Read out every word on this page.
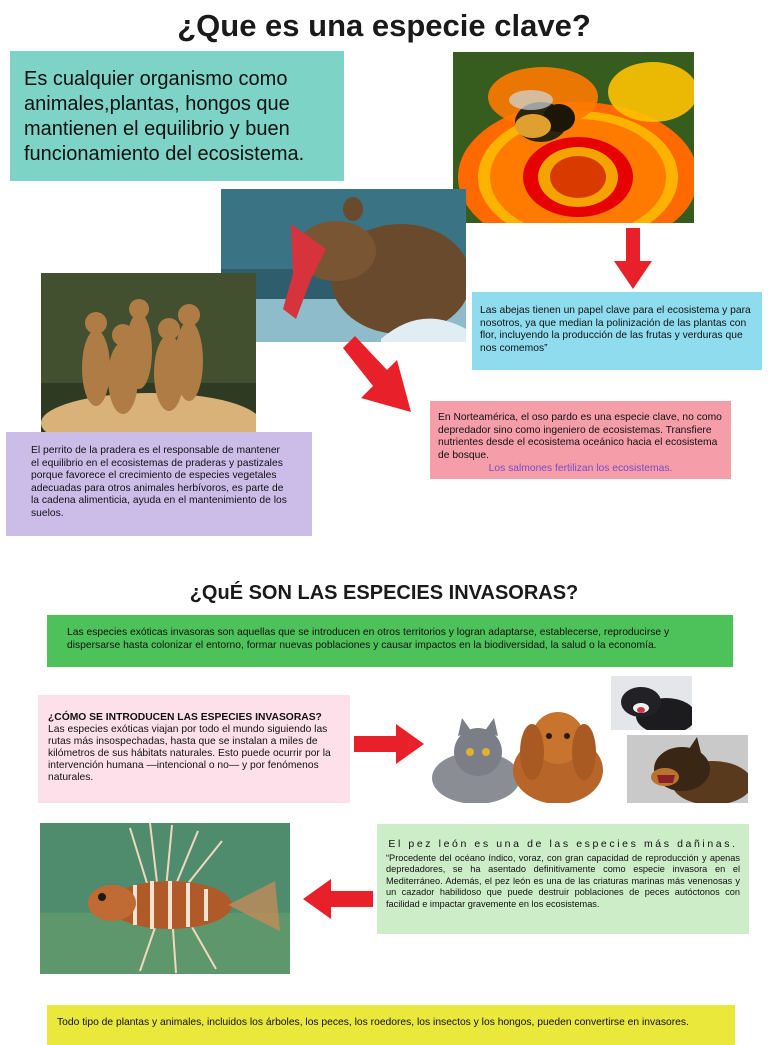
¿Que es una especie clave?
Es cualquier organismo como animales,plantas, hongos que mantienen el equilibrio y buen funcionamiento del ecosistema.
Las abejas tienen un papel clave para el ecosistema y para nosotros, ya que median la polinización de las plantas con flor, incluyendo la producción de las frutas y verduras que nos comemos”
En Norteamérica, el oso pardo es una especie clave, no como depredador sino como ingeniero de ecosistemas. Transfiere nutrientes desde el ecosistema oceánico hacia el ecosistema de bosque.
Los salmones fertilizan los ecosistemas.
El perrito de la pradera es el responsable de mantener el equilibrio en el ecosistemas de praderas y pastizales porque favorece el crecimiento de especies vegetales adecuadas para otros animales herbívoros, es parte de la cadena alimenticia, ayuda en el mantenimiento de los suelos.
¿QuÉ SON LAS ESPECIES INVASORAS?
Las especies exóticas invasoras son aquellas que se introducen en otros territorios y logran adaptarse, establecerse, reproducirse y dispersarse hasta colonizar el entorno, formar nuevas poblaciones y causar impactos en la biodiversidad, la salud o la economía.
¿CÓMO SE INTRODUCEN LAS ESPECIES INVASORAS?
Las especies exóticas viajan por todo el mundo siguiendo las rutas más insospechadas, hasta que se instalan a miles de kilómetros de sus hábitats naturales. Esto puede ocurrir por la intervención humana —intencional o no— y por fenómenos naturales.
El pez león es una de las especies más dañinas.
“Procedente del océano índico, voraz, con gran capacidad de reproducción y apenas depredadores, se ha asentado definitivamente como especie invasora en el Mediterráneo. Además, el pez león es una de las criaturas marinas más venenosas y un cazador habilidoso que puede destruir poblaciones de peces autóctonos con facilidad e impactar gravemente en los ecosistemas.
Todo tipo de plantas y animales, incluidos los árboles, los peces, los roedores, los insectos y los hongos, pueden convertirse en invasores.
